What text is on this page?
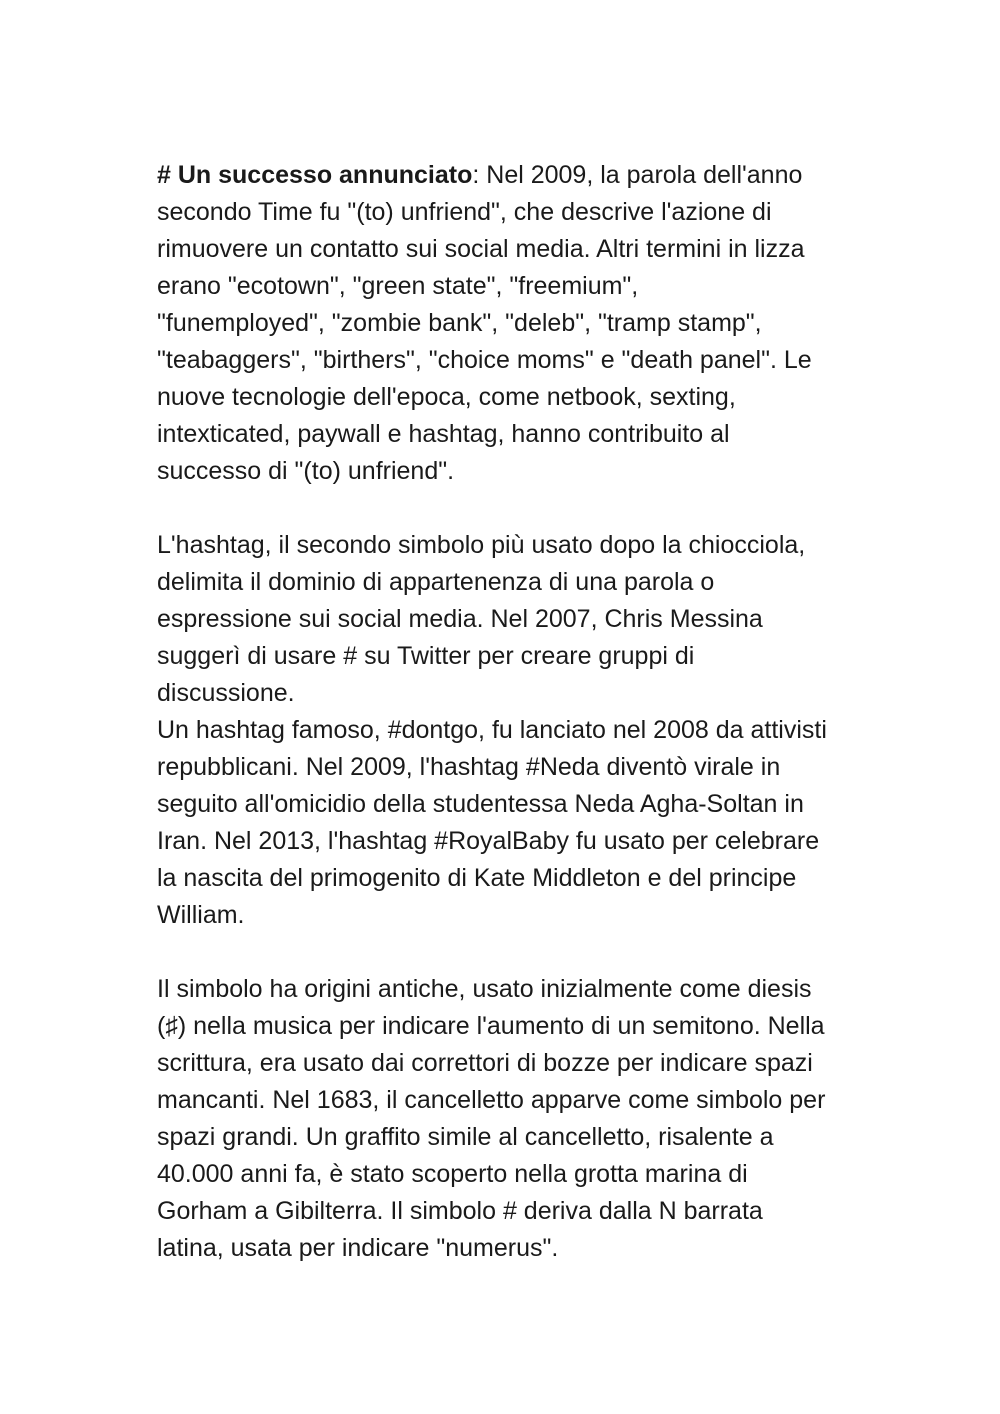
# Un successo annunciato: Nel 2009, la parola dell'anno
secondo Time fu "(to) unfriend", che descrive l'azione di
rimuovere un contatto sui social media. Altri termini in lizza
erano "ecotown", "green state", "freemium",
"funemployed", "zombie bank", "deleb", "tramp stamp",
"teabaggers", "birthers", "choice moms" e "death panel". Le
nuove tecnologie dell'epoca, come netbook, sexting,
intexticated, paywall e hashtag, hanno contribuito al
successo di "(to) unfriend".

L'hashtag, il secondo simbolo più usato dopo la chiocciola,
delimita il dominio di appartenenza di una parola o
espressione sui social media. Nel 2007, Chris Messina
suggerì di usare # su Twitter per creare gruppi di
discussione.

Un hashtag famoso, #dontgo, fu lanciato nel 2008 da attivisti
repubblicani. Nel 2009, l'hashtag #Neda diventò virale in
seguito all'omicidio della studentessa Neda Agha-Soltan in
Iran. Nel 2013, l'hashtag #RoyalBaby fu usato per celebrare
la nascita del primogenito di Kate Middleton e del principe
William.

Il simbolo ha origini antiche, usato inizialmente come diesis
(♯) nella musica per indicare l'aumento di un semitono. Nella
scrittura, era usato dai correttori di bozze per indicare spazi
mancanti. Nel 1683, il cancelletto apparve come simbolo per
spazi grandi. Un graffito simile al cancelletto, risalente a
40.000 anni fa, è stato scoperto nella grotta marina di
Gorham a Gibilterra. Il simbolo # deriva dalla N barrata
latina, usata per indicare "numerus".
